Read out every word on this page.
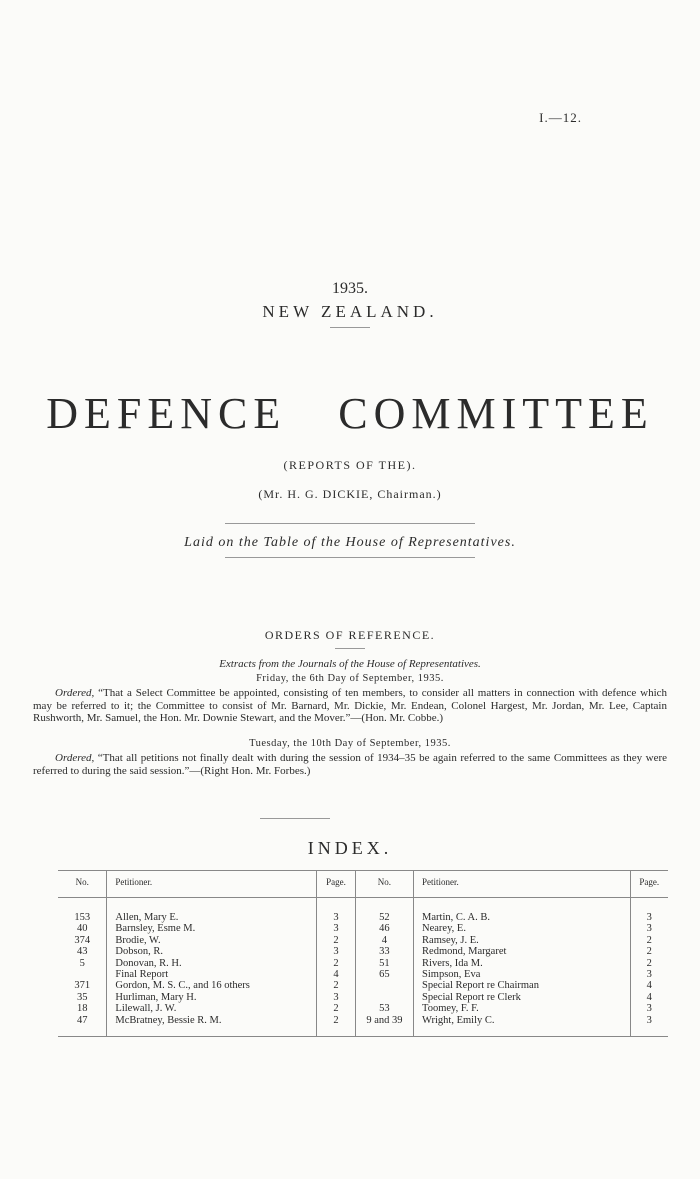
I.—12.
1935.
NEW ZEALAND.
DEFENCE COMMITTEE
(REPORTS OF THE).
(Mr. H. G. DICKIE, Chairman.)
Laid on the Table of the House of Representatives.
ORDERS OF REFERENCE.
Extracts from the Journals of the House of Representatives.
Friday, the 6th Day of September, 1935.

Ordered, “That a Select Committee be appointed, consisting of ten members, to consider all matters in connection with defence which may be referred to it; the Committee to consist of Mr. Barnard, Mr. Dickie, Mr. Endean, Colonel Hargest, Mr. Jordan, Mr. Lee, Captain Rushworth, Mr. Samuel, the Hon. Mr. Downie Stewart, and the Mover.”—(Hon. Mr. Cobbe.)

Tuesday, the 10th Day of September, 1935.

Ordered, “That all petitions not finally dealt with during the session of 1934–35 be again referred to the same Committees as they were referred to during the said session.”—(Right Hon. Mr. Forbes.)

INDEX.
No.	Petitioner.	Page.	No.	Petitioner.	Page.
153	Allen, Mary E.	3	52	Martin, C. A. B.	3
40	Barnsley, Esme M.	3	46	Nearey, E.	3
374	Brodie, W.	2	4	Ramsey, J. E.	2
43	Dobson, R.	3	33	Redmond, Margaret	2
5	Donovan, R. H.	2	51	Rivers, Ida M.	2
	Final Report	4	65	Simpson, Eva	3
371	Gordon, M. S. C., and 16 others	2		Special Report re Chairman	4
35	Hurliman, Mary H.	3		Special Report re Clerk	4
18	Lilewall, J. W.	2	53	Toomey, F. F.	3
47	McBratney, Bessie R. M.	2	9 and 39	Wright, Emily C.	3
